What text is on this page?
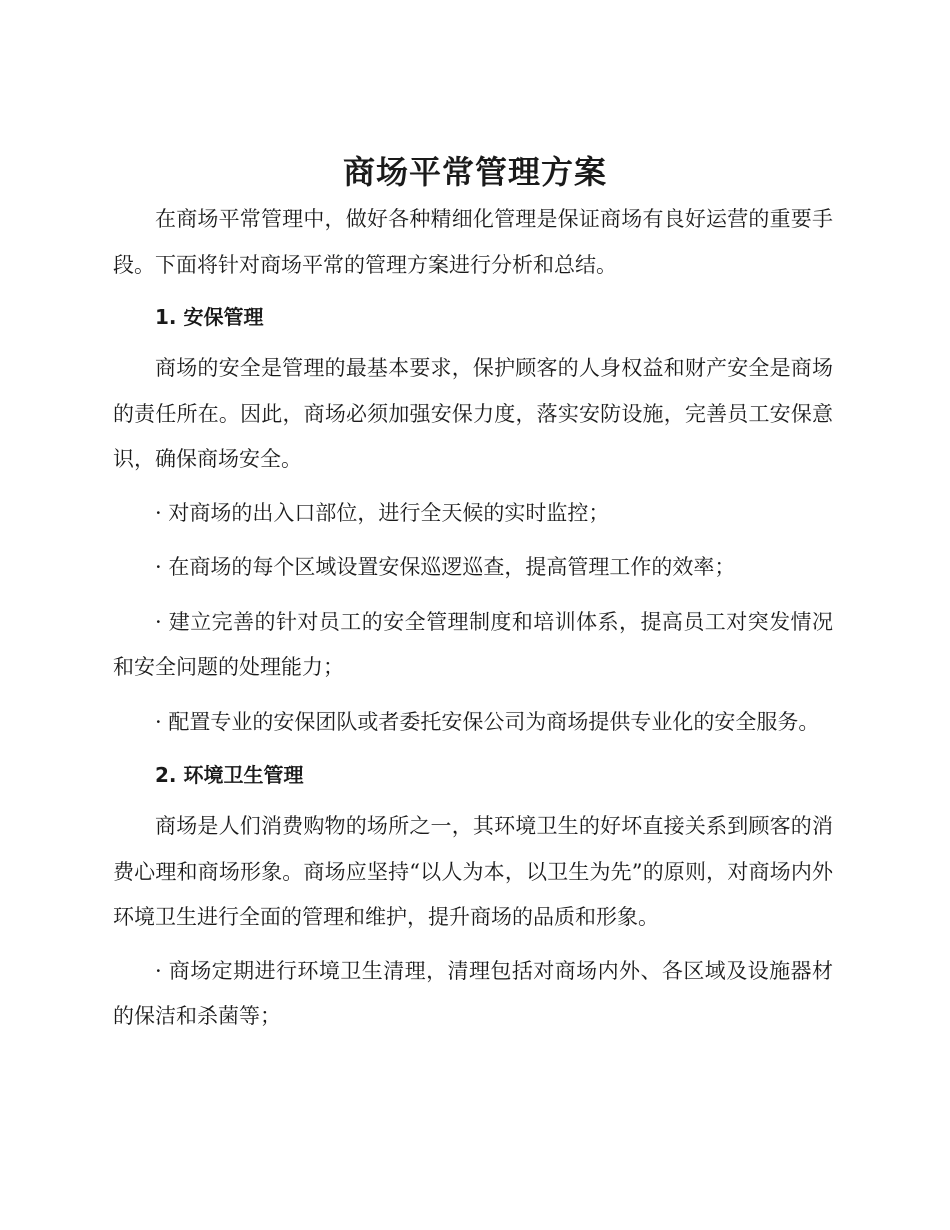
商场平常管理方案

在商场平常管理中，做好各种精细化管理是保证商场有良好运营的重要手段。下面将针对商场平常的管理方案进行分析和总结。

1. 安保管理

商场的安全是管理的最基本要求，保护顾客的人身权益和财产安全是商场的责任所在。因此，商场必须加强安保力度，落实安防设施，完善员工安保意识，确保商场安全。

· 对商场的出入口部位，进行全天候的实时监控；

· 在商场的每个区域设置安保巡逻巡查，提高管理工作的效率；

· 建立完善的针对员工的安全管理制度和培训体系，提高员工对突发情况和安全问题的处理能力；

· 配置专业的安保团队或者委托安保公司为商场提供专业化的安全服务。

2. 环境卫生管理

商场是人们消费购物的场所之一，其环境卫生的好坏直接关系到顾客的消费心理和商场形象。商场应坚持“以人为本，以卫生为先”的原则，对商场内外环境卫生进行全面的管理和维护，提升商场的品质和形象。

· 商场定期进行环境卫生清理，清理包括对商场内外、各区域及设施器材的保洁和杀菌等；
